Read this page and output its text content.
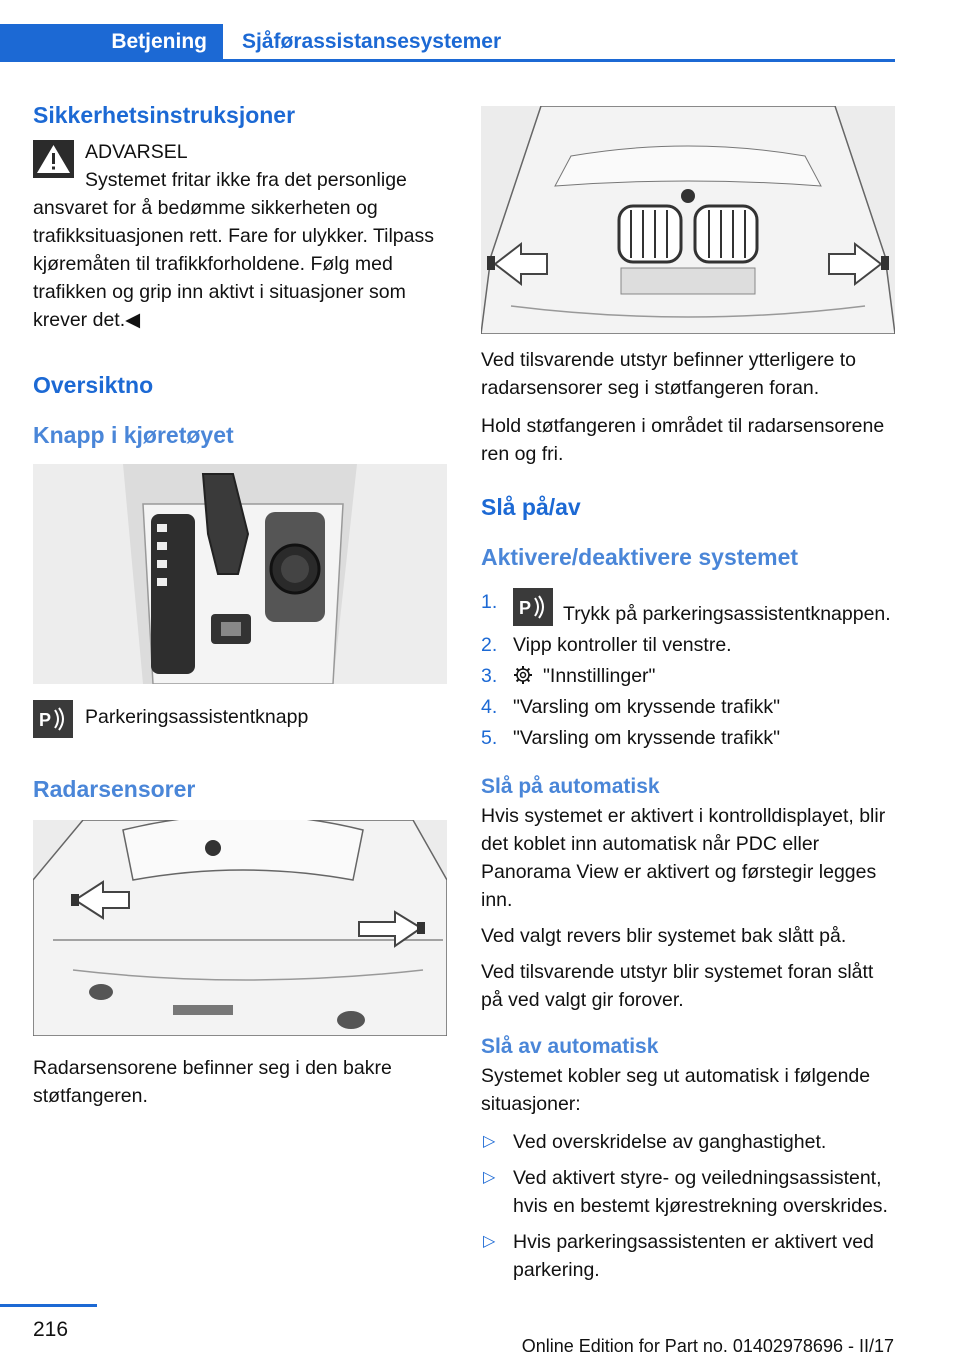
Betjening	Sjåførassistansesystemer
Sikkerhetsinstruksjoner
ADVARSEL

Systemet fritar ikke fra det personlige ansvaret for å bedømme sikkerheten og trafikksituasjonen rett. Fare for ulykker. Tilpass kjøremåten til trafikkforholdene. Følg med trafikken og grip inn aktivt i situasjoner som krever det.◀

Oversiktno
Knapp i kjøretøyet
P Parkeringsassistentknapp

Radarsensorer

Radarsensorene befinner seg i den bakre støtfangeren.

Ved tilsvarende utstyr befinner ytterligere to radarsensorer seg i støtfangeren foran.

Hold støtfangeren i området til radarsensorene ren og fri.

Slå på/av
Aktivere/deaktivere systemet
1. P Trykk på parkeringsassistentknappen.
2. Vipp kontroller til venstre.
3. "Innstillinger"
4. "Varsling om kryssende trafikk"
5. "Varsling om kryssende trafikk"
Slå på automatisk

Hvis systemet er aktivert i kontrolldisplayet, blir det koblet inn automatisk når PDC eller Panorama View er aktivert og førstegir legges inn.

Ved valgt revers blir systemet bak slått på.

Ved tilsvarende utstyr blir systemet foran slått på ved valgt gir forover.

Slå av automatisk

Systemet kobler seg ut automatisk i følgende situasjoner:

▷ Ved overskridelse av ganghastighet.
▷ Ved aktivert styre- og veiledningsassistent, hvis en bestemt kjørestrekning overskrides.
▷ Hvis parkeringsassistenten er aktivert ved parkering.
216
Online Edition for Part no. 01402978696 - II/17
